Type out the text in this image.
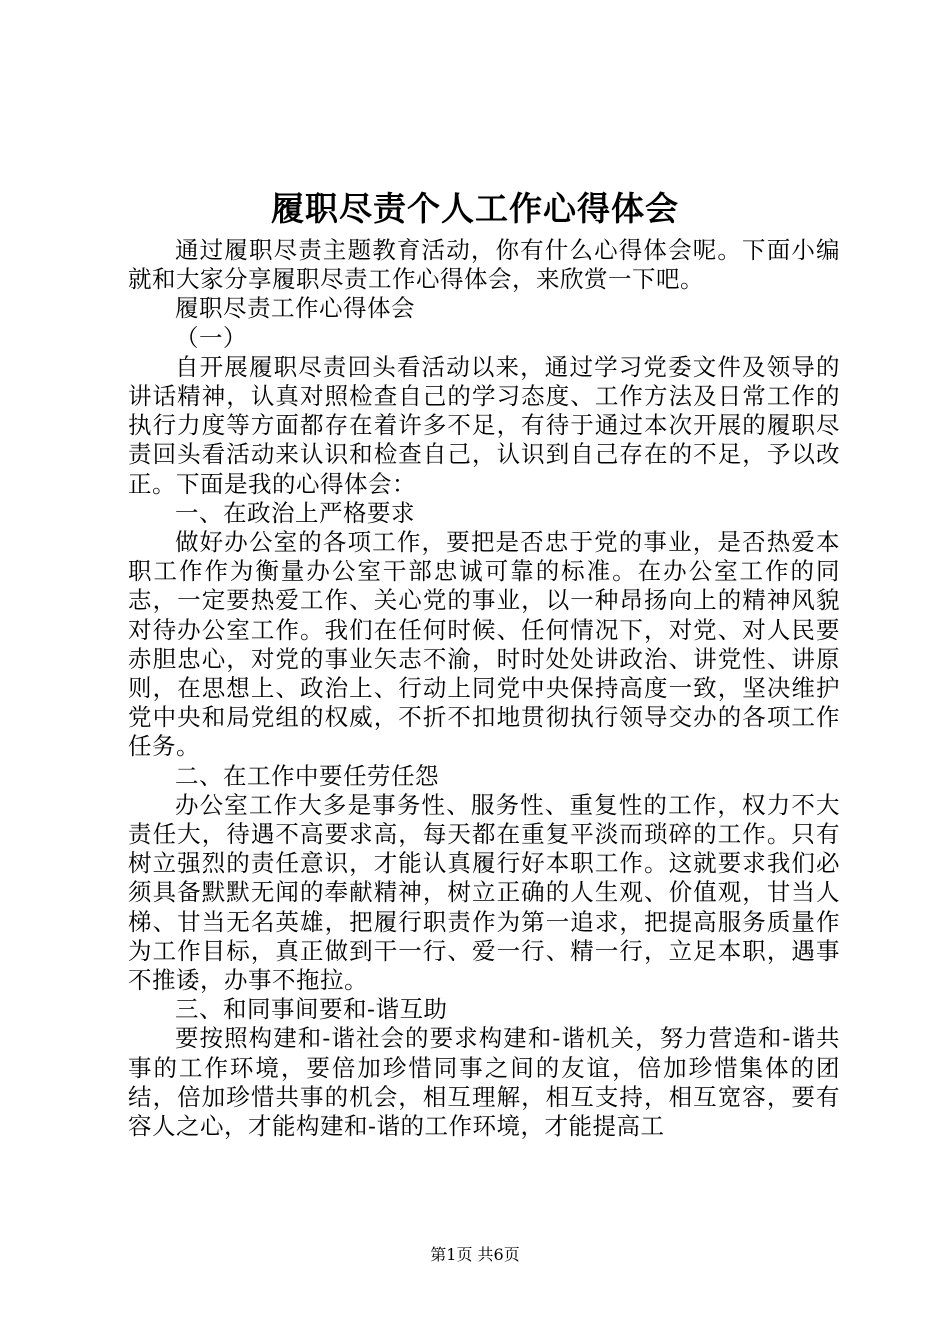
履职尽责个人工作心得体会

通过履职尽责主题教育活动，你有什么心得体会呢。下面小编就和大家分享履职尽责工作心得体会，来欣赏一下吧。

履职尽责工作心得体会

（一）

自开展履职尽责回头看活动以来，通过学习党委文件及领导的讲话精神，认真对照检查自己的学习态度、工作方法及日常工作的执行力度等方面都存在着许多不足，有待于通过本次开展的履职尽责回头看活动来认识和检查自己，认识到自己存在的不足，予以改正。下面是我的心得体会：

一、在政治上严格要求

做好办公室的各项工作，要把是否忠于党的事业，是否热爱本职工作作为衡量办公室干部忠诚可靠的标准。在办公室工作的同志，一定要热爱工作、关心党的事业，以一种昂扬向上的精神风貌对待办公室工作。我们在任何时候、任何情况下，对党、对人民要赤胆忠心，对党的事业矢志不渝，时时处处讲政治、讲党性、讲原则，在思想上、政治上、行动上同党中央保持高度一致，坚决维护党中央和局党组的权威，不折不扣地贯彻执行领导交办的各项工作任务。

二、在工作中要任劳任怨

办公室工作大多是事务性、服务性、重复性的工作，权力不大责任大，待遇不高要求高，每天都在重复平淡而琐碎的工作。只有树立强烈的责任意识，才能认真履行好本职工作。这就要求我们必须具备默默无闻的奉献精神，树立正确的人生观、价值观，甘当人梯、甘当无名英雄，把履行职责作为第一追求，把提高服务质量作为工作目标，真正做到干一行、爱一行、精一行，立足本职，遇事不推诿，办事不拖拉。

三、和同事间要和-谐互助

要按照构建和-谐社会的要求构建和-谐机关，努力营造和-谐共事的工作环境，要倍加珍惜同事之间的友谊，倍加珍惜集体的团结，倍加珍惜共事的机会，相互理解，相互支持，相互宽容，要有容人之心，才能构建和-谐的工作环境，才能提高工

第1页 共6页
